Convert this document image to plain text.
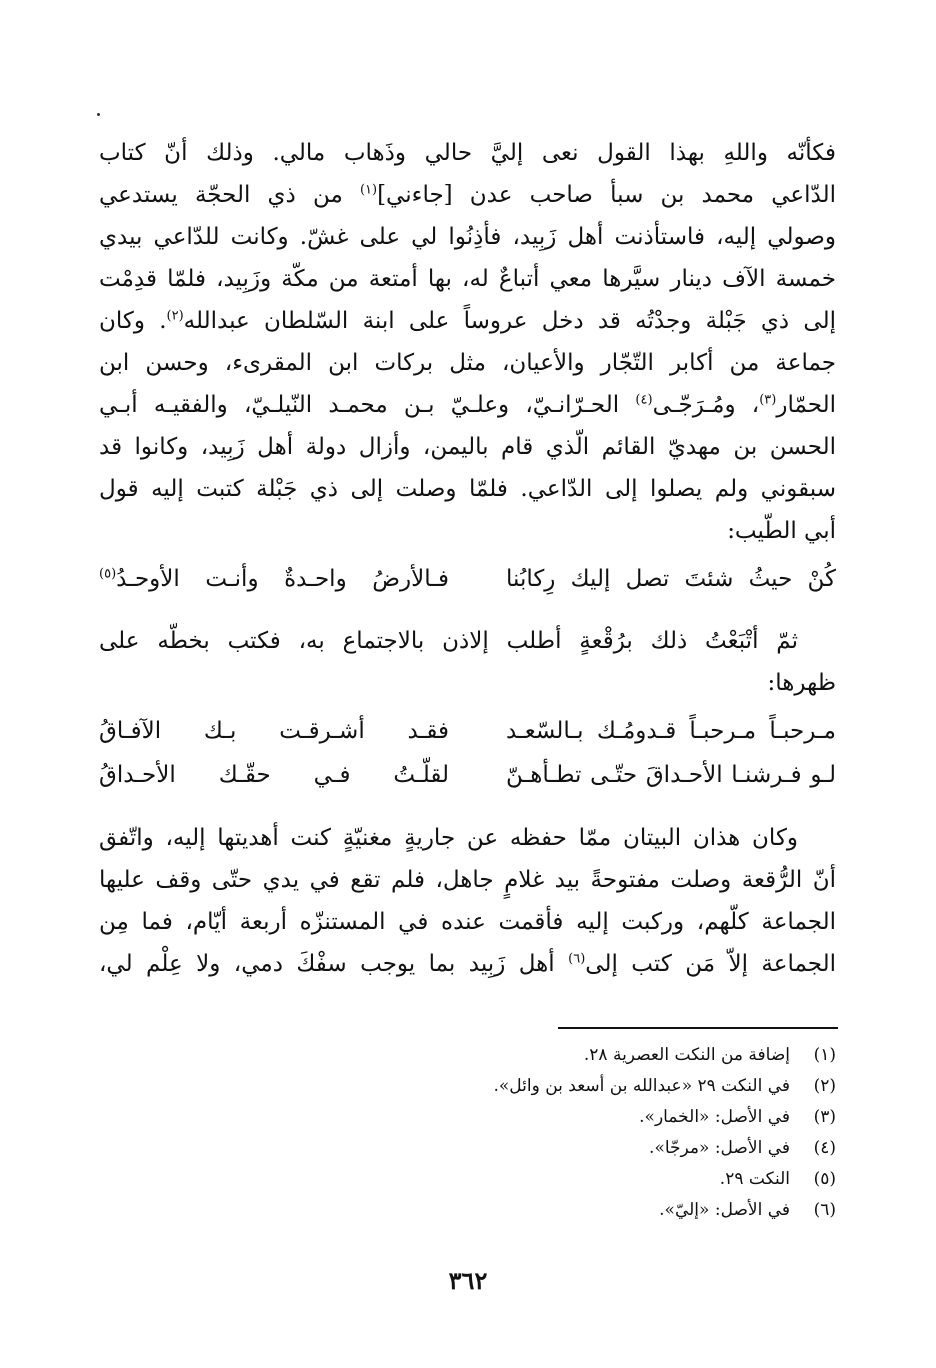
فكأنّه واللهِ بهذا القول نعى إليَّ حالي وذَهاب مالي. وذلك أنّ كتاب
الدّاعي محمد بن سبأ صاحب عدن [جاءني]$^{(١)}$ من ذي الحجّة يستدعي
وصولي إليه، فاستأذنت أهل زَبِيد، فأذِنُوا لي على غشّ. وكانت للدّاعي بيدي
خمسة الآف دينار سيَّرها معي أتباعٌ له، بها أمتعة من مكّة وزَبِيد، فلمّا قدِمْت
إلى ذي جَبْلة وجدْتُه قد دخل عروساً على ابنة السّلطان عبدالله$^{(٢)}$. وكان
جماعة من أكابر التّجّار والأعيان، مثل بركات ابن المقرىء، وحسن ابن
الحمّار$^{(٣)}$، ومُـرَجّـى$^{(٤)}$ الحـرّانـيّ، وعلـيّ بـن محمـد النّيلـيّ، والفقيـه أبـي
الحسن بن مهديّ القائم الّذي قام باليمن، وأزال دولة أهل زَبِيد، وكانوا قد
سبقوني ولم يصلوا إلى الدّاعي. فلمّا وصلت إلى ذي جَبْلة كتبت إليه قول
أبي الطّيب:
كُنْ حيثُ شئتَ تصل إليك رِكابُنا
فـالأرضُ واحـدةٌ وأنـت الأوحـدُ$^{(٥)}$
ثمّ أتْبَعْتُ ذلك برُقْعةٍ أطلب إلاذن بالاجتماع به، فكتب بخطّه على
ظهرها:
مـرحبـاً مـرحبـاً قـدومُـك بـالسّعـد
فقـد أشـرقـت بـك الآفـاقُ
لـو فـرشنـا الأحـداقَ حتّـى تطـأهـنّ
لقلّـتُ فـي حقّـك الأحـداقُ
وكان هذان البيتان ممّا حفظه عن جاريةٍ مغنيّةٍ كنت أهديتها إليه، واتّفق
أنّ الرُّقعة وصلت مفتوحةً بيد غلامٍ جاهل، فلم تقع في يدي حتّى وقف عليها
الجماعة كلّهم، وركبت إليه فأقمت عنده في المستنزّه أربعة أيّام، فما مِن
الجماعة إلاّ مَن كتب إلى$^{(٦)}$ أهل زَبِيد بما يوجب سفْكَ دمي، ولا عِلْم لي،
(١)إضافة من النكت العصرية ٢٨.
(٢)في النكت ٢٩ «عبدالله بن أسعد بن وائل».
(٣)في الأصل: «الخمار».
(٤)في الأصل: «مرجّا».
(٥)النكت ٢٩.
(٦)في الأصل: «إليّ».
٣٦٢
